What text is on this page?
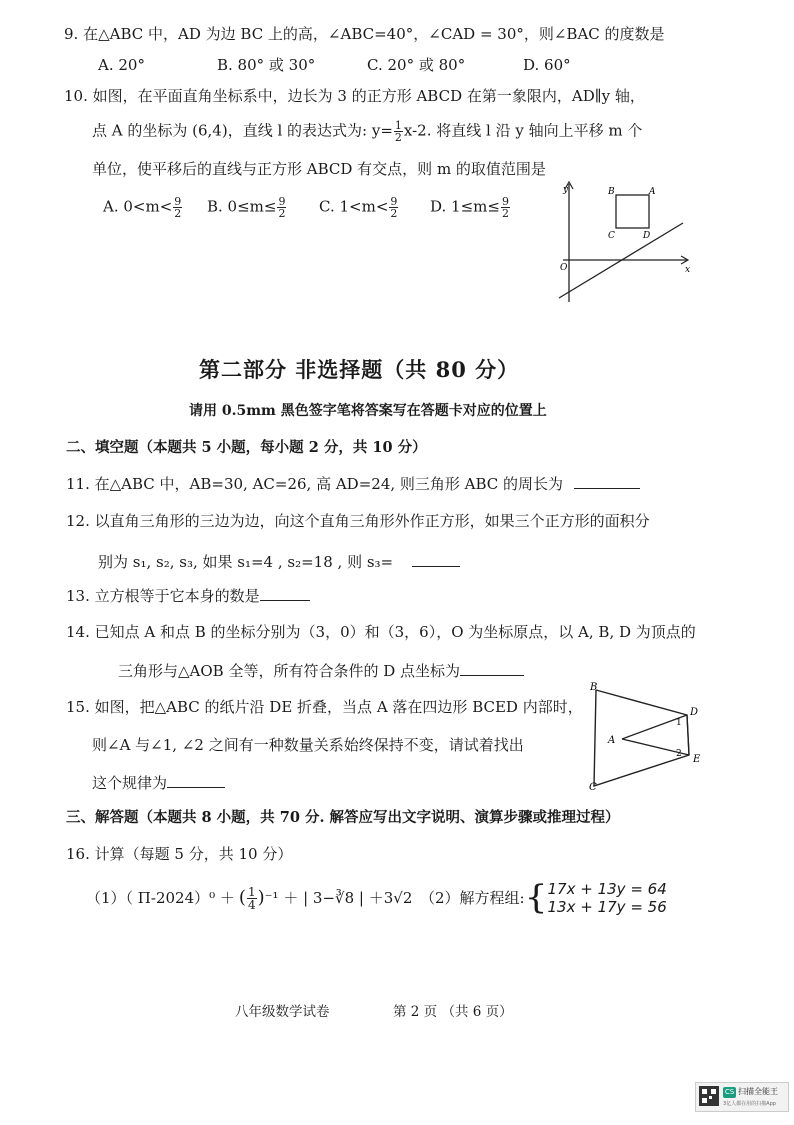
9. 在△ABC 中，AD 为边 BC 上的高，∠ABC=40°，∠CAD = 30°，则∠BAC 的度数是
A. 20°	B. 80° 或 30°	C. 20° 或 80°	D. 60°
10. 如图，在平面直角坐标系中，边长为 3 的正方形 ABCD 在第一象限内，AD∥y 轴，
点 A 的坐标为 (6,4)，直线 l 的表达式为: $y= \frac{1}{2} x-2$. 将直线 l 沿 y 轴向上平移 m 个
单位，使平移后的直线与正方形 ABCD 有交点，则 m 的取值范围是
A. $0<m< \frac{9}{2} B$. $0\le m\le \frac{9}{2} C$. $1<m< \frac{9}{2} D$. $1\le m\le \frac{9}{2}$
y
x
O
A
B
C	D
第二部分 非选择题（共 80 分）
请用 0.5mm 黑色签字笔将答案写在答题卡对应的位置上
二、填空题（本题共 5 小题，每小题 2 分，共 10 分）
11. 在△ABC 中，AB=30, AC=26, 高 AD=24, 则三角形 ABC 的周长为
12. 以直角三角形的三边为边，向这个直角三角形外作正方形，如果三个正方形的面积分
别为 s₁, s₂, s₃, 如果 s₁=4 , s₂=18 , 则 s₃=
13. 立方根等于它本身的数是
14. 已知点 A 和点 B 的坐标分别为（3，0）和（3，6），O 为坐标原点，以 A, B, D 为顶点的
三角形与△AOB 全等，所有符合条件的 D 点坐标为
15. 如图，把△ABC 的纸片沿 DE 折叠，当点 A 落在四边形 BCED 内部时，
则∠A 与∠1, ∠2 之间有一种数量关系始终保持不变，请试着找出
这个规律为
B
C
D
E
A
1
2
三、解答题（本题共 8 小题，共 70 分. 解答应写出文字说明、演算步骤或推理过程）
16. 计算（每题 5 分，共 10 分）
（1）（ Π-2024）⁰ ＋ ( $\frac{1}{4}$ ) ⁻¹ ＋ | 3−∛8 | ＋3√2 （2）解方程组: { 17x + 13y = 64
13x + 17y = 56
八年级数学试卷	第 2 页 （共 6 页）
CS 扫描全能王
3亿人都在用的扫描App
